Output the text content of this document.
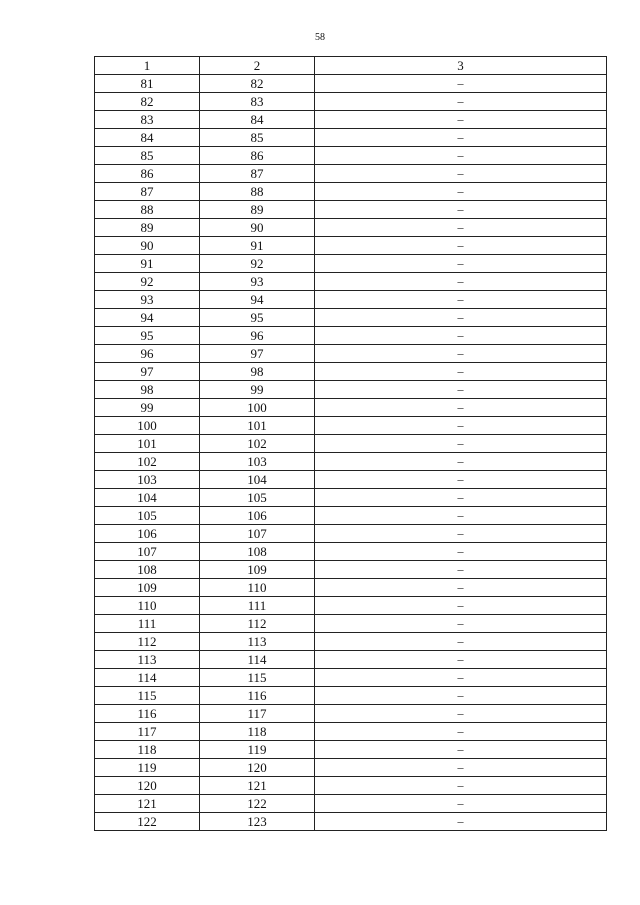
58
1	2	3
81	82	–
82	83	–
83	84	–
84	85	–
85	86	–
86	87	–
87	88	–
88	89	–
89	90	–
90	91	–
91	92	–
92	93	–
93	94	–
94	95	–
95	96	–
96	97	–
97	98	–
98	99	–
99	100	–
100	101	–
101	102	–
102	103	–
103	104	–
104	105	–
105	106	–
106	107	–
107	108	–
108	109	–
109	110	–
110	111	–
111	112	–
112	113	–
113	114	–
114	115	–
115	116	–
116	117	–
117	118	–
118	119	–
119	120	–
120	121	–
121	122	–
122	123	–
